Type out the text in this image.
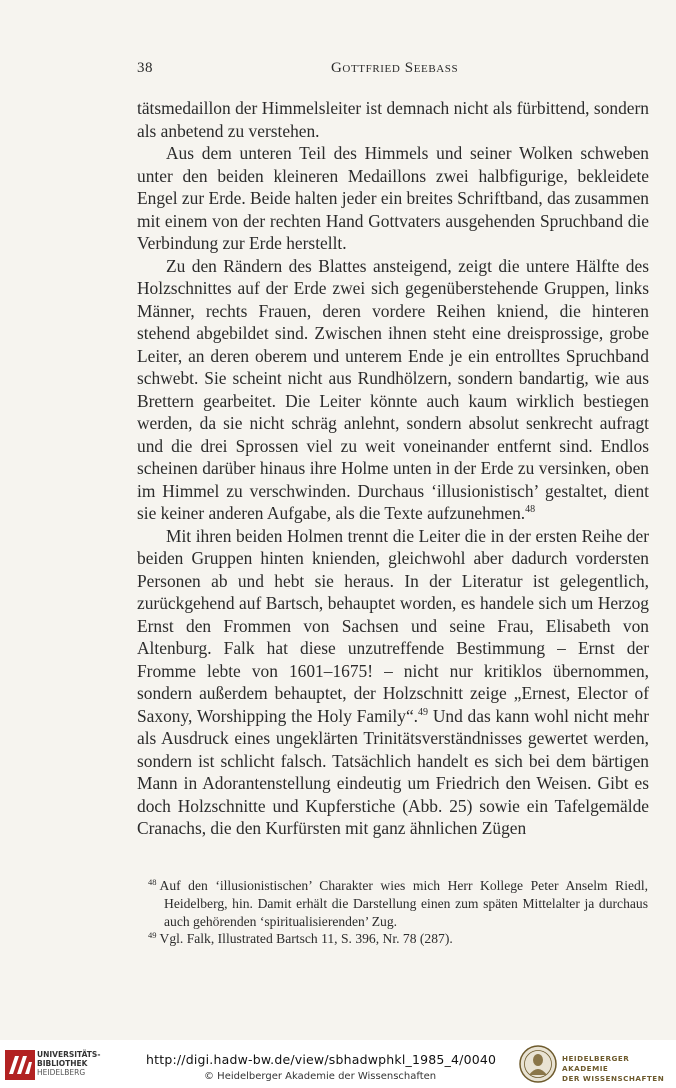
38	Gottfried Seebass

tätsmedaillon der Himmelsleiter ist demnach nicht als fürbittend, sondern als anbetend zu verstehen.

Aus dem unteren Teil des Himmels und seiner Wolken schweben unter den beiden kleineren Medaillons zwei halbfigurige, bekleidete Engel zur Erde. Beide halten jeder ein breites Schriftband, das zusammen mit einem von der rechten Hand Gottvaters ausgehenden Spruchband die Verbindung zur Erde herstellt.

Zu den Rändern des Blattes ansteigend, zeigt die untere Hälfte des Holzschnittes auf der Erde zwei sich gegenüberstehende Gruppen, links Männer, rechts Frauen, deren vordere Reihen kniend, die hinteren stehend abgebildet sind. Zwischen ihnen steht eine dreisprossige, grobe Leiter, an deren oberem und unterem Ende je ein entrolltes Spruchband schwebt. Sie scheint nicht aus Rundhölzern, sondern bandartig, wie aus Brettern gearbeitet. Die Leiter könnte auch kaum wirklich bestiegen werden, da sie nicht schräg anlehnt, sondern absolut senkrecht aufragt und die drei Sprossen viel zu weit voneinander entfernt sind. Endlos scheinen darüber hinaus ihre Holme unten in der Erde zu versinken, oben im Himmel zu verschwinden. Durchaus ‘illusionistisch’ gestaltet, dient sie keiner anderen Aufgabe, als die Texte aufzunehmen.$^{48}$

Mit ihren beiden Holmen trennt die Leiter die in der ersten Reihe der beiden Gruppen hinten knienden, gleichwohl aber dadurch vordersten Personen ab und hebt sie heraus. In der Literatur ist gelegentlich, zurückgehend auf Bartsch, behauptet worden, es handele sich um Herzog Ernst den Frommen von Sachsen und seine Frau, Elisabeth von Altenburg. Falk hat diese unzutreffende Bestimmung – Ernst der Fromme lebte von 1601–1675! – nicht nur kritiklos übernommen, sondern außerdem behauptet, der Holzschnitt zeige „Ernest, Elector of Saxony, Worshipping the Holy Family“.$^{49}$ Und das kann wohl nicht mehr als Ausdruck eines ungeklärten Trinitätsverständnisses gewertet werden, sondern ist schlicht falsch. Tatsächlich handelt es sich bei dem bärtigen Mann in Adorantenstellung eindeutig um Friedrich den Weisen. Gibt es doch Holzschnitte und Kupferstiche (Abb. 25) sowie ein Tafelgemälde Cranachs, die den Kurfürsten mit ganz ähnlichen Zügen

$^{48}$ Auf den ‘illusionistischen’ Charakter wies mich Herr Kollege Peter Anselm Riedl, Heidelberg, hin. Damit erhält die Darstellung einen zum späten Mittelalter ja durchaus auch gehörenden ‘spiritualisierenden’ Zug.

$^{49}$ Vgl. Falk, Illustrated Bartsch 11, S. 396, Nr. 78 (287).

UNIVERSITÄTS-
BIBLIOTHEK
HEIDELBERG
http://digi.hadw-bw.de/view/sbhadwphkl_1985_4/0040
© Heidelberger Akademie der Wissenschaften
HEIDELBERGER AKADEMIE
DER WISSENSCHAFTEN
